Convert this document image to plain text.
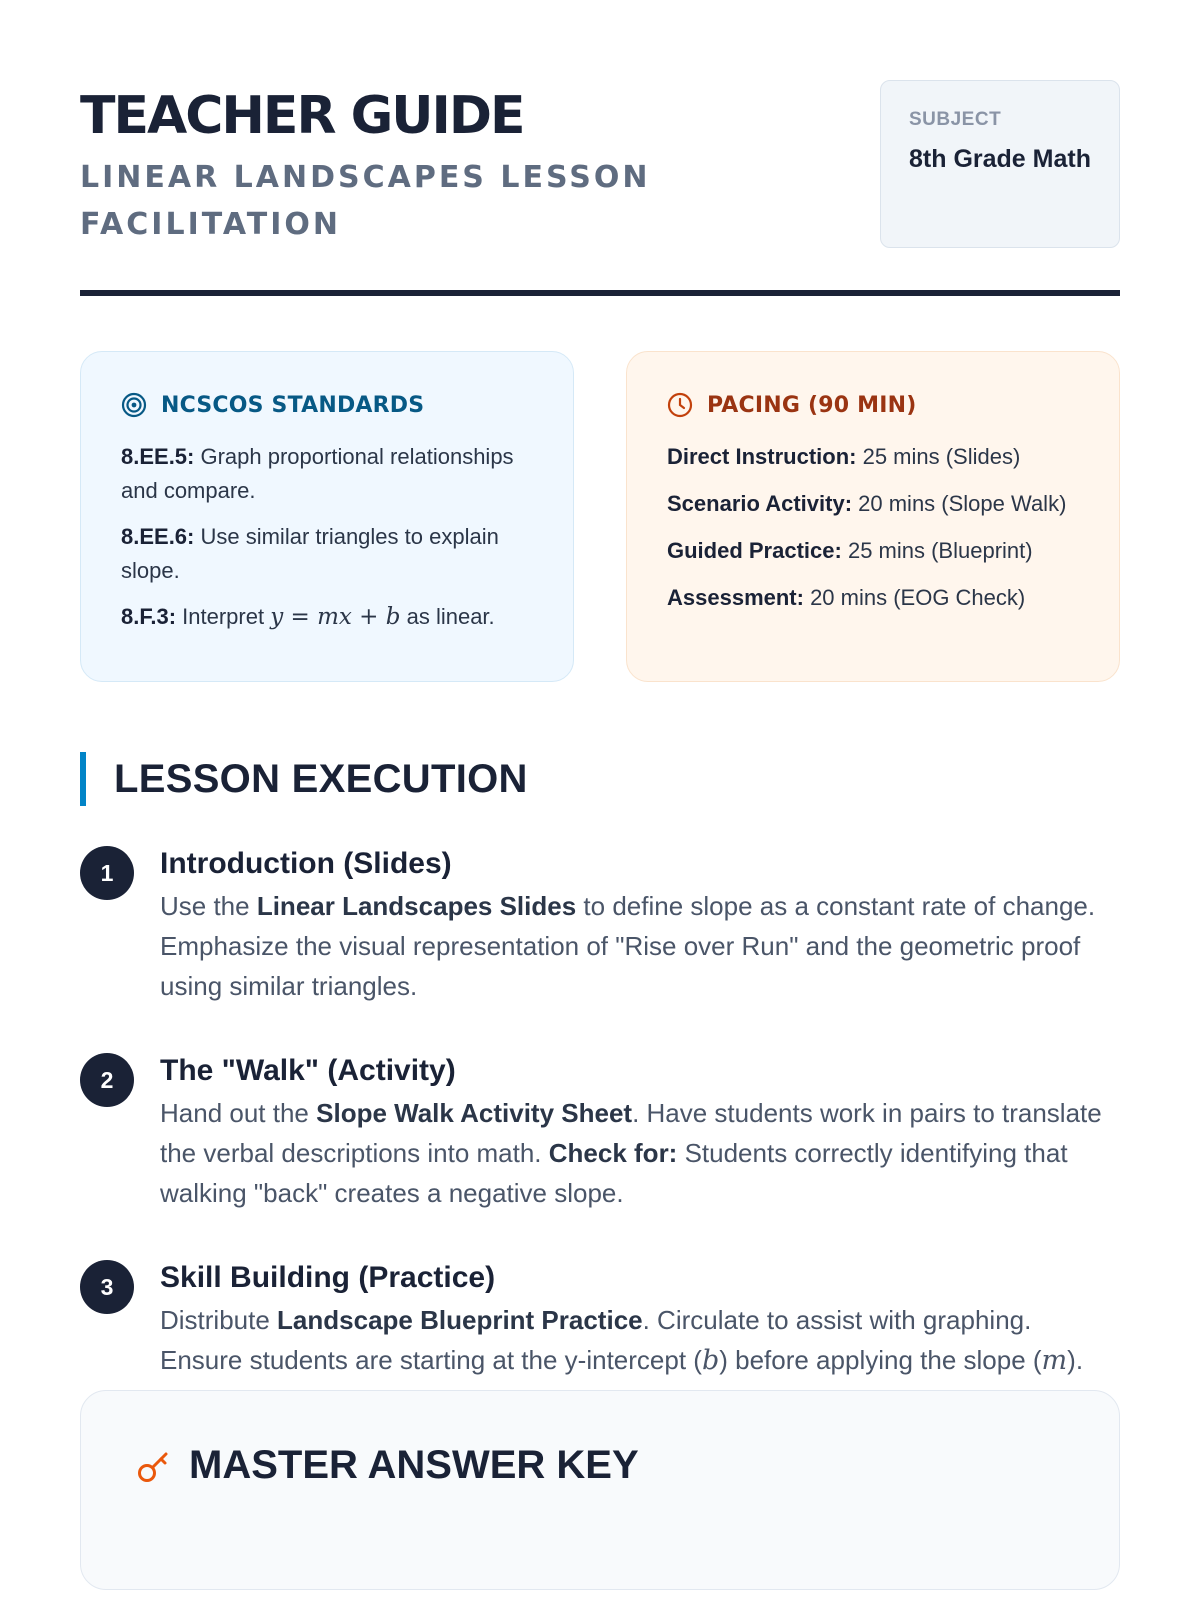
TEACHER GUIDE
LINEAR LANDSCAPES LESSON FACILITATION
SUBJECT
8th Grade Math
NCSCOS STANDARDS
8.EE.5: Graph proportional relationships and compare.
8.EE.6: Use similar triangles to explain slope.
8.F.3: Interpret y = mx + b as linear.
PACING (90 MIN)
Direct Instruction: 25 mins (Slides)
Scenario Activity: 20 mins (Slope Walk)
Guided Practice: 25 mins (Blueprint)
Assessment: 20 mins (EOG Check)
LESSON EXECUTION
1	Introduction (Slides)
Use the Linear Landscapes Slides to define slope as a constant rate of change. Emphasize the visual representation of "Rise over Run" and the geometric proof using similar triangles.
2	The "Walk" (Activity)
Hand out the Slope Walk Activity Sheet. Have students work in pairs to translate the verbal descriptions into math. Check for: Students correctly identifying that walking "back" creates a negative slope.
3	Skill Building (Practice)
Distribute Landscape Blueprint Practice. Circulate to assist with graphing. Ensure students are starting at the y-intercept (b) before applying the slope (m).
MASTER ANSWER KEY
